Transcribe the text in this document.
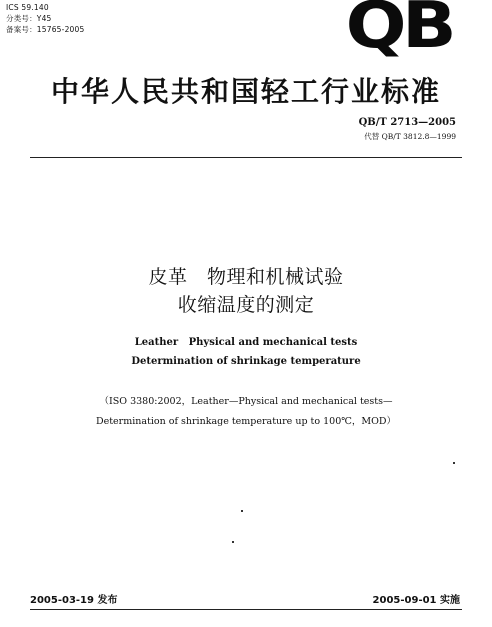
ICS 59.140
分类号：Y45
备案号：15765-2005	QB
中华人民共和国轻工行业标准
QB/T 2713—2005
代替 QB/T 3812.8—1999
皮革   物理和机械试验
收缩温度的测定
Leather   Physical and mechanical tests
Determination of shrinkage temperature
（ISO 3380:2002，Leather—Physical and mechanical tests—
Determination of shrinkage temperature up to 100℃，MOD）
2005-03-19 发布	2005-09-01 实施
